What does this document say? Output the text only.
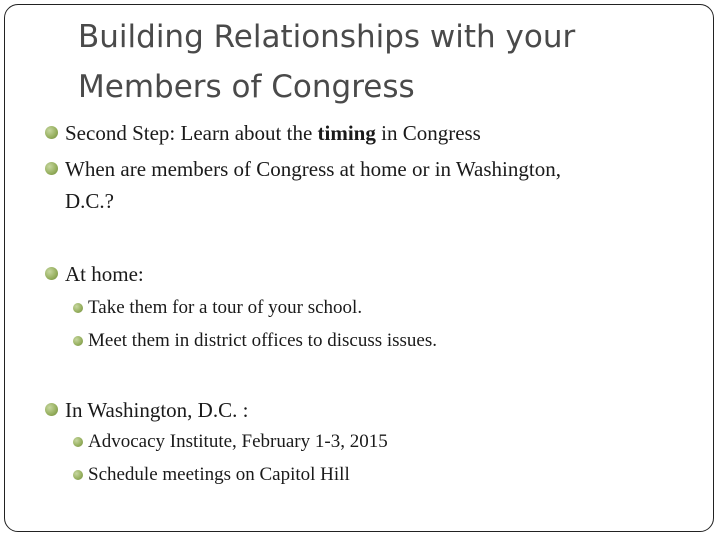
Building Relationships with your
Members of Congress
Second Step: Learn about the timing in Congress
When are members of Congress at home or in Washington,
D.C.?
At home:
Take them for a tour of your school.
Meet them in district offices to discuss issues.
In Washington, D.C. :
Advocacy Institute, February 1-3, 2015
Schedule meetings on Capitol Hill
